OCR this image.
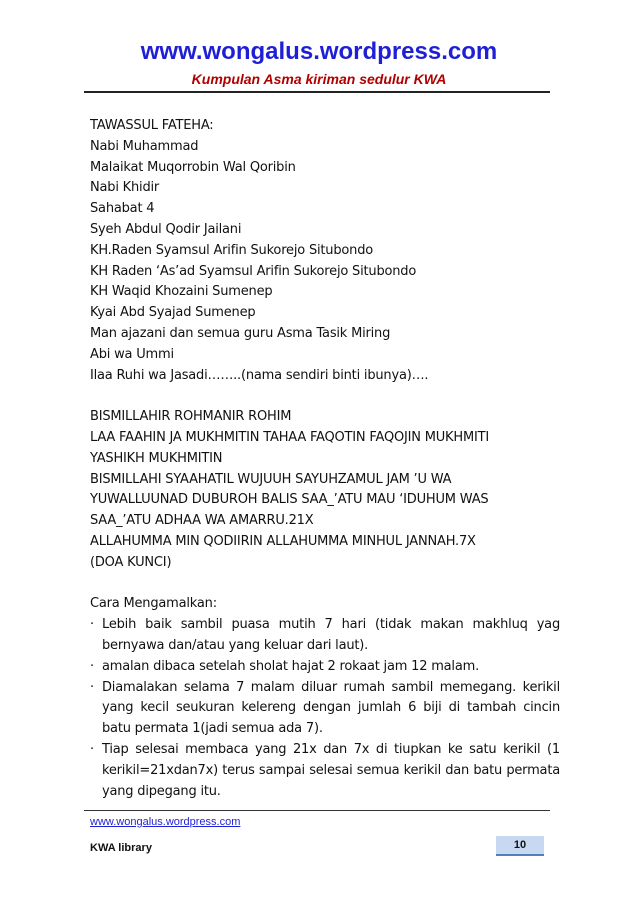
www.wongalus.wordpress.com
Kumpulan Asma kiriman sedulur KWA
TAWASSUL FATEHA:
Nabi Muhammad
Malaikat Muqorrobin Wal Qoribin
Nabi Khidir
Sahabat 4
Syeh Abdul Qodir Jailani
KH.Raden Syamsul Arifin Sukorejo Situbondo
KH Raden ‘As’ad Syamsul Arifin Sukorejo Situbondo
KH Waqid Khozaini Sumenep
Kyai Abd Syajad Sumenep
Man ajazani dan semua guru Asma Tasik Miring
Abi wa Ummi
Ilaa Ruhi wa Jasadi……..(nama sendiri binti ibunya)….
BISMILLAHIR ROHMANIR ROHIM
LAA FAAHIN JA MUKHMITIN TAHAA FAQOTIN FAQOJIN MUKHMITI
YASHIKH MUKHMITIN
BISMILLAHI SYAAHATIL WUJUUH SAYUHZAMUL JAM ’U WA
YUWALLUUNAD DUBUROH BALIS SAA_’ATU MAU ‘IDUHUM WAS
SAA_’ATU ADHAA WA AMARRU.21X
ALLAHUMMA MIN QODIIRIN ALLAHUMMA MINHUL JANNAH.7X
(DOA KUNCI)
Cara Mengamalkan:
· Lebih baik sambil puasa mutih 7 hari (tidak makan makhluq yag bernyawa dan/atau yang keluar dari laut).
· amalan dibaca setelah sholat hajat 2 rokaat jam 12 malam.
· Diamalakan selama 7 malam diluar rumah sambil memegang. kerikil yang kecil seukuran kelereng dengan jumlah 6 biji di tambah cincin batu permata 1(jadi semua ada 7).
· Tiap selesai membaca yang 21x dan 7x di tiupkan ke satu kerikil (1 kerikil=21xdan7x) terus sampai selesai semua kerikil dan batu permata yang dipegang itu.
www.wongalus.wordpress.com
KWA library	10
